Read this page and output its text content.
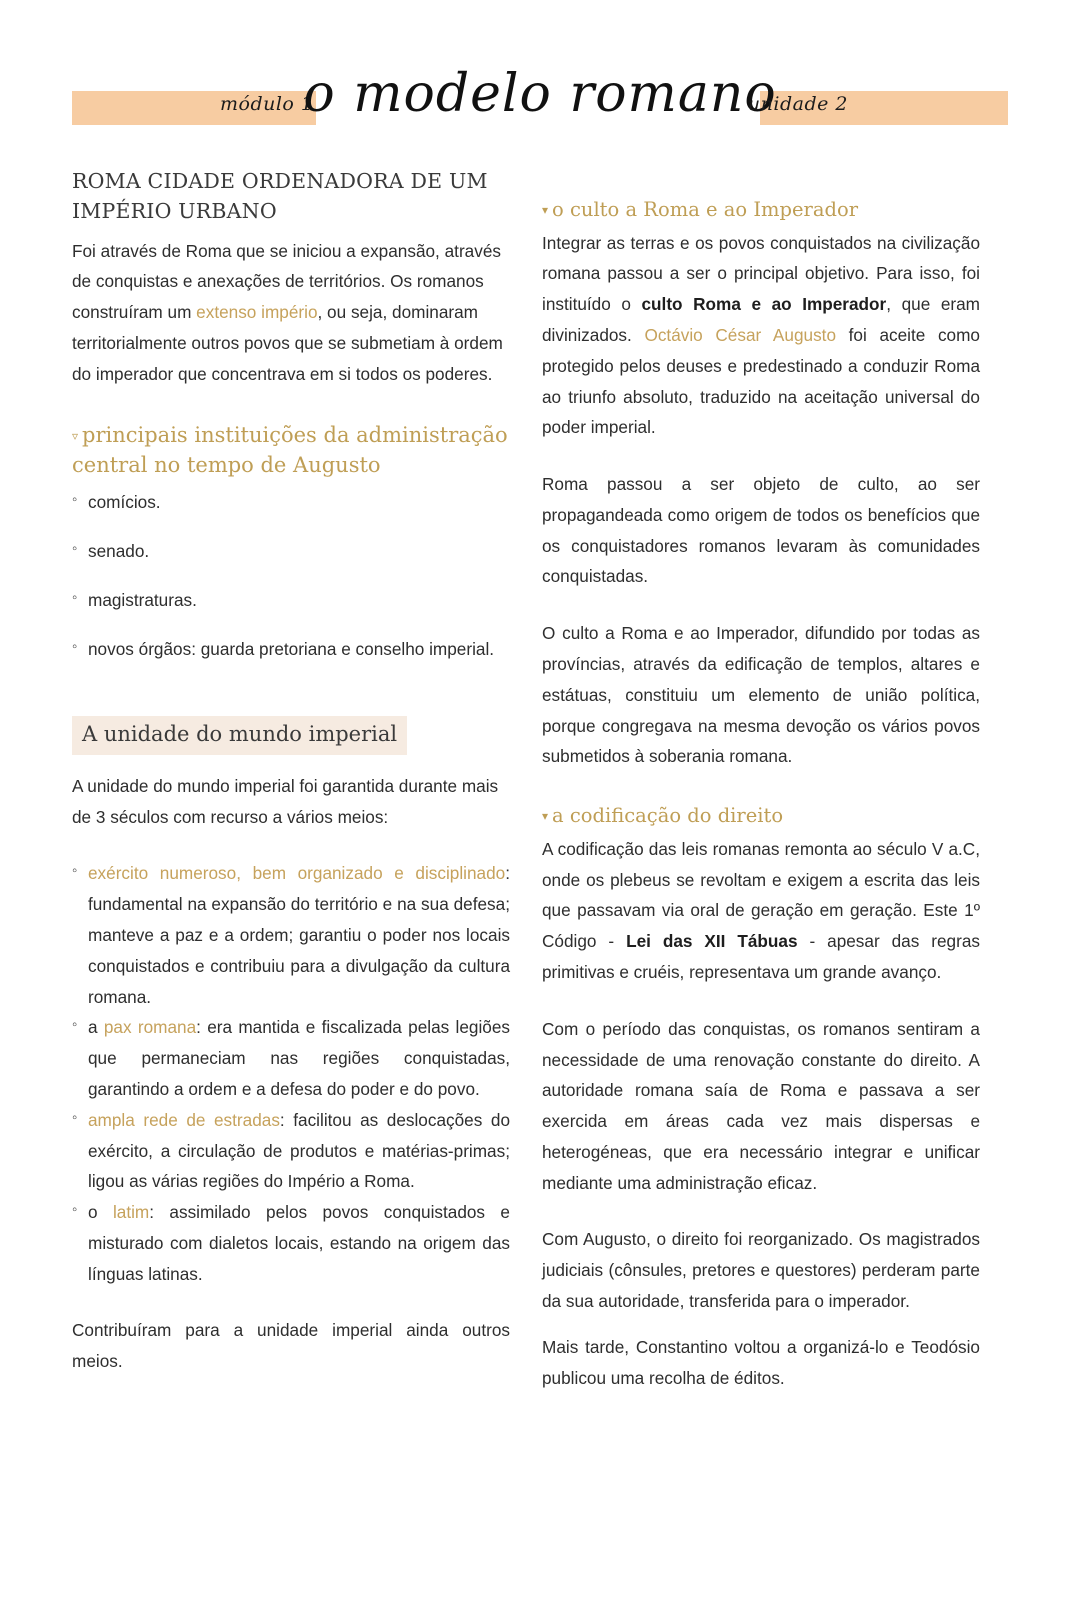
módulo 1
o modelo romano
unidade 2
ROMA CIDADE ORDENADORA DE UM IMPÉRIO URBANO

Foi através de Roma que se iniciou a expansão, através de conquistas e anexações de territórios. Os romanos construíram um extenso império, ou seja, dominaram territorialmente outros povos que se submetiam à ordem do imperador que concentrava em si todos os poderes.

▿ principais instituições da administração central no tempo de Augusto
◦ comícios.
◦ senado.
◦ magistraturas.
◦ novos órgãos: guarda pretoriana e conselho imperial.
A unidade do mundo imperial

A unidade do mundo imperial foi garantida durante mais de 3 séculos com recurso a vários meios:

◦ exército numeroso, bem organizado e disciplinado: fundamental na expansão do território e na sua defesa; manteve a paz e a ordem; garantiu o poder nos locais conquistados e contribuiu para a divulgação da cultura romana.
◦ a pax romana: era mantida e fiscalizada pelas legiões que permaneciam nas regiões conquistadas, garantindo a ordem e a defesa do poder e do povo.
◦ ampla rede de estradas: facilitou as deslocações do exército, a circulação de produtos e matérias-primas; ligou as várias regiões do Império a Roma.
◦ o latim: assimilado pelos povos conquistados e misturado com dialetos locais, estando na origem das línguas latinas.

Contribuíram para a unidade imperial ainda outros meios.

▾ o culto a Roma e ao Imperador

Integrar as terras e os povos conquistados na civilização romana passou a ser o principal objetivo. Para isso, foi instituído o culto Roma e ao Imperador, que eram divinizados. Octávio César Augusto foi aceite como protegido pelos deuses e predestinado a conduzir Roma ao triunfo absoluto, traduzido na aceitação universal do poder imperial.

Roma passou a ser objeto de culto, ao ser propagandeada como origem de todos os benefícios que os conquistadores romanos levaram às comunidades conquistadas.

O culto a Roma e ao Imperador, difundido por todas as províncias, através da edificação de templos, altares e estátuas, constituiu um elemento de união política, porque congregava na mesma devoção os vários povos submetidos à soberania romana.

▾ a codificação do direito

A codificação das leis romanas remonta ao século V a.C, onde os plebeus se revoltam e exigem a escrita das leis que passavam via oral de geração em geração. Este 1º Código - Lei das XII Tábuas - apesar das regras primitivas e cruéis, representava um grande avanço.

Com o período das conquistas, os romanos sentiram a necessidade de uma renovação constante do direito. A autoridade romana saía de Roma e passava a ser exercida em áreas cada vez mais dispersas e heterogéneas, que era necessário integrar e unificar mediante uma administração eficaz.

Com Augusto, o direito foi reorganizado. Os magistrados judiciais (cônsules, pretores e questores) perderam parte da sua autoridade, transferida para o imperador.

Mais tarde, Constantino voltou a organizá-lo e Teodósio publicou uma recolha de éditos.
